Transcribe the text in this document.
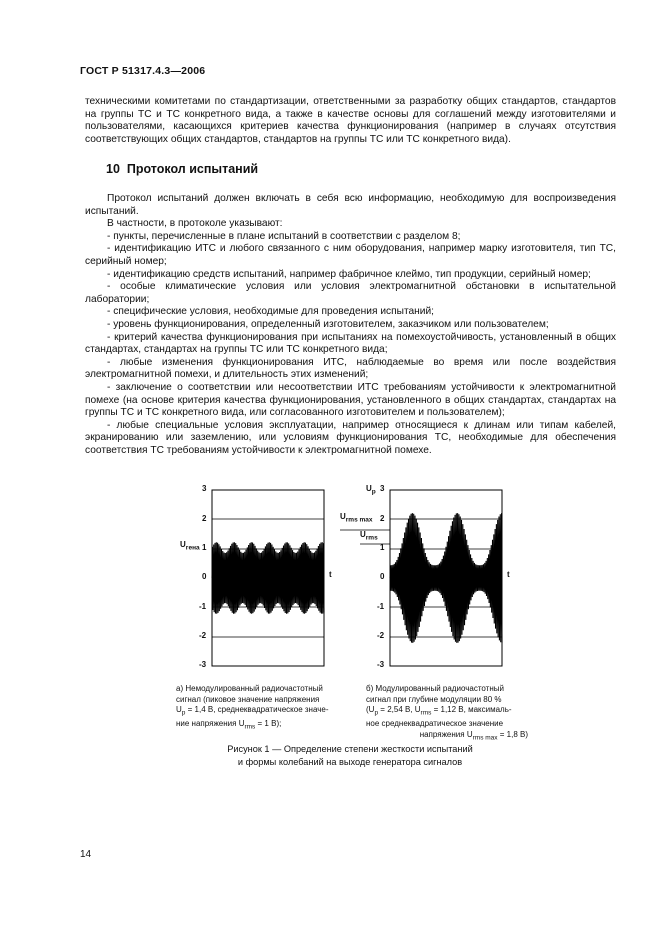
ГОСТ Р 51317.4.3—2006

техническими комитетами по стандартизации, ответственными за разработку общих стандартов, стандартов на группы ТС и ТС конкретного вида, а также в качестве основы для соглашений между изготовителями и пользователями, касающихся критериев качества функционирования (например в случаях отсутствия соответствующих общих стандартов, стандартов на группы ТС или ТС конкретного вида).

10 Протокол испытаний

Протокол испытаний должен включать в себя всю информацию, необходимую для воспроизведения испытаний.

В частности, в протоколе указывают:

- пункты, перечисленные в плане испытаний в соответствии с разделом 8;

- идентификацию ИТС и любого связанного с ним оборудования, например марку изготовителя, тип ТС, серийный номер;

- идентификацию средств испытаний, например фабричное клеймо, тип продукции, серийный номер;

- особые климатические условия или условия электромагнитной обстановки в испытательной лаборатории;

- специфические условия, необходимые для проведения испытаний;

- уровень функционирования, определенный изготовителем, заказчиком или пользователем;

- критерий качества функционирования при испытаниях на помехоустойчивость, установленный в общих стандартах, стандартах на группы ТС или ТС конкретного вида;

- любые изменения функционирования ИТС, наблюдаемые во время или после воздействия электромагнитной помехи, и длительность этих изменений;

- заключение о соответствии или несоответствии ИТС требованиям устойчивости к электромагнитной помехе (на основе критерия качества функционирования, установленного в общих стандартах, стандартах на группы ТС и ТС конкретного вида, или согласованного изготовителем и пользователем);

- любые специальные условия эксплуатации, например относящиеся к длинам или типам кабелей, экранированию или заземлению, или условиям функционирования ТС, необходимые для обеспечения соответствия ТС требованиям устойчивости к электромагнитной помехе.

$U_{гена}$
t
3
2
1
0
-1
-2
-3
$U_p$
$U_{rms max}$
$U_{rms}$
t
3
2
1
0
-1
-2
-3
а) Немодулированный радиочастотный
сигнал (пиковое значение напряжения
$U_p = 1,4$ В, среднеквадратическое значе-
ние напряжения $U_{rms} = 1$ В);
б) Модулированный радиочастотный
сигнал при глубине модуляции 80 %
($U_p = 2,54$ В, $U_{rms} = 1,12$ В, максималь-
ное среднеквадратическое значение
напряжения $U_{rms max} = 1,8$ В)
Рисунок 1 — Определение степени жесткости испытаний
и формы колебаний на выходе генератора сигналов
14
